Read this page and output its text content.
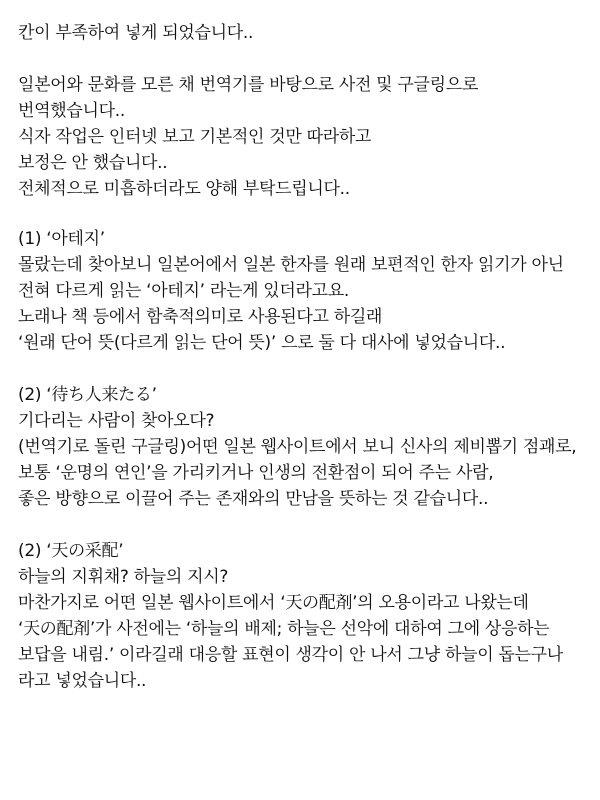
칸이 부족하여 넣게 되었습니다..
일본어와 문화를 모른 채 번역기를 바탕으로 사전 및 구글링으로
번역했습니다..
식자 작업은 인터넷 보고 기본적인 것만 따라하고
보정은 안 했습니다..
전체적으로 미흡하더라도 양해 부탁드립니다..
(1) ‘아테지’
몰랐는데 찾아보니 일본어에서 일본 한자를 원래 보편적인 한자 읽기가 아닌
전혀 다르게 읽는 ‘아테지’ 라는게 있더라고요.
노래나 책 등에서 함축적의미로 사용된다고 하길래
‘원래 단어 뜻(다르게 읽는 단어 뜻)’ 으로 둘 다 대사에 넣었습니다..
(2) ‘待ち人来たる’
기다리는 사람이 찾아오다?
(번역기로 돌린 구글링)어떤 일본 웹사이트에서 보니 신사의 제비뽑기 점괘로,
보통 ‘운명의 연인’을 가리키거나 인생의 전환점이 되어 주는 사람,
좋은 방향으로 이끌어 주는 존재와의 만남을 뜻하는 것 같습니다..
(2) ‘天の采配’
하늘의 지휘채? 하늘의 지시?
마찬가지로 어떤 일본 웹사이트에서 ‘天の配剤’의 오용이라고 나왔는데
‘天の配剤’가 사전에는 ‘하늘의 배제; 하늘은 선악에 대하여 그에 상응하는
보답을 내림.’ 이라길래 대응할 표현이 생각이 안 나서 그냥 하늘이 돕는구나
라고 넣었습니다..
